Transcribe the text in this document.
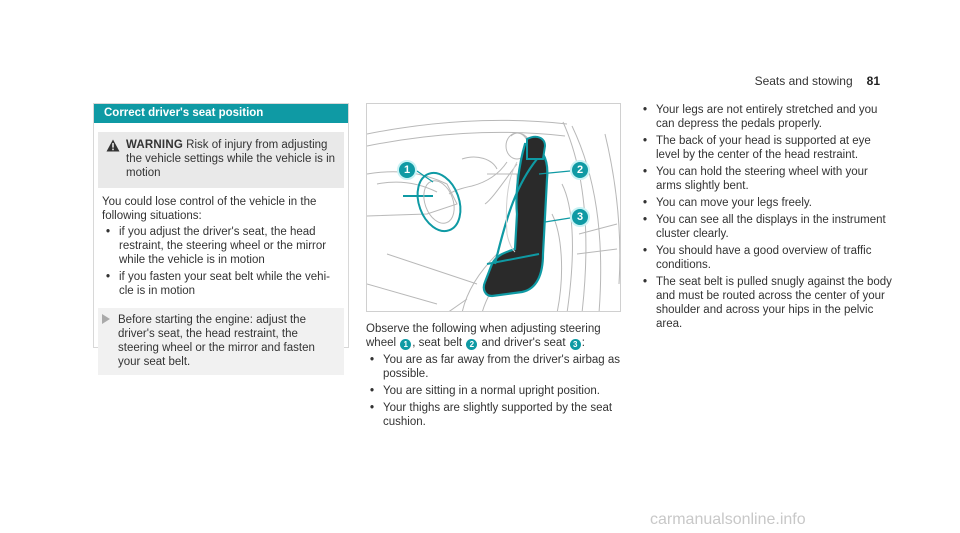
Seats and stowing 81
Correct driver's seat position
WARNING Risk of injury from adjusting the vehicle settings while the vehicle is in motion

You could lose control of the vehicle in the

following situations:

• if you adjust the driver's seat, the head restraint, the steering wheel or the mirror while the vehicle is in motion
• if you fasten your seat belt while the vehi- cle is in motion
Before starting the engine: adjust the driver's seat, the head restraint, the steering wheel or the mirror and fasten your seat belt.
1	2
3

Observe the following when adjusting steering wheel 1 , seat belt 2 and driver's seat 3 :

• You are as far away from the driver's airbag as possible.
• You are sitting in a normal upright position.
• Your thighs are slightly supported by the seat cushion.
• Your legs are not entirely stretched and you can depress the pedals properly.
• The back of your head is supported at eye level by the center of the head restraint.
• You can hold the steering wheel with your arms slightly bent.
• You can move your legs freely.
• You can see all the displays in the instrument cluster clearly.
• You should have a good overview of traffic conditions.
• The seat belt is pulled snugly against the body and must be routed across the center of your shoulder and across your hips in the pelvic area.
carmanualsonline.info
